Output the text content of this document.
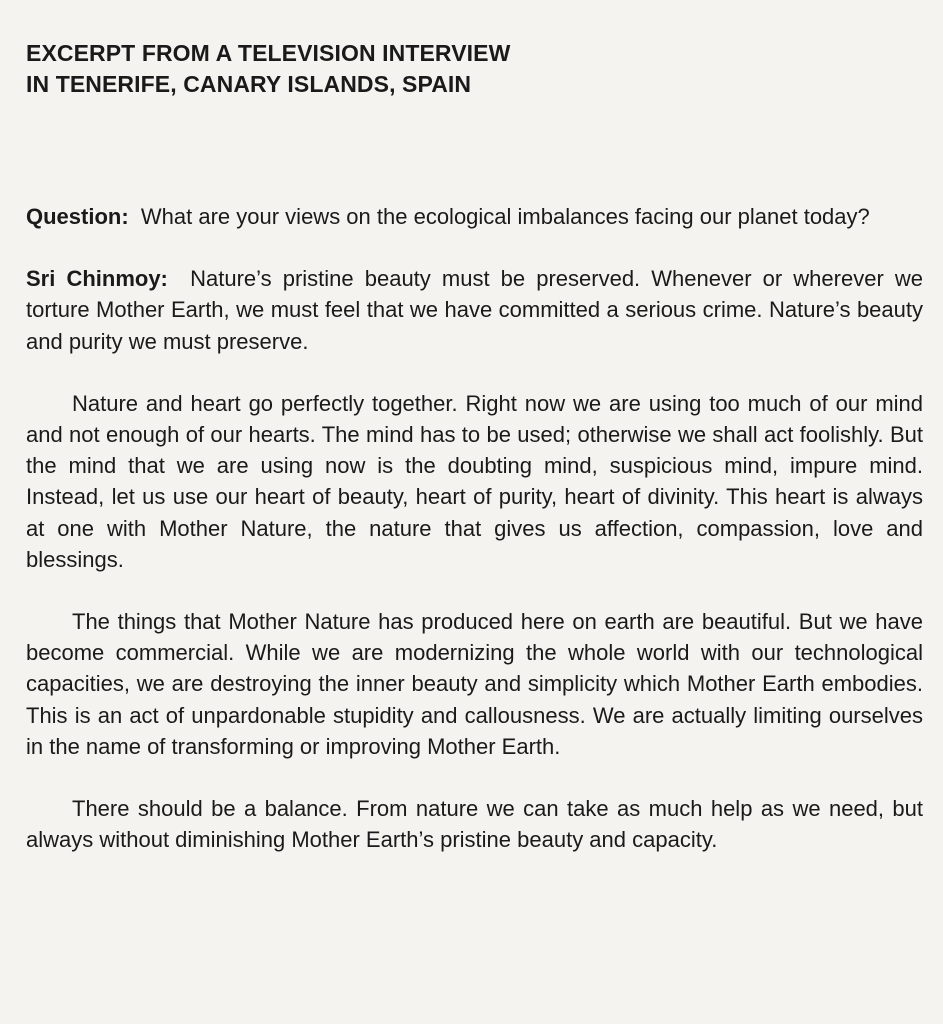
EXCERPT FROM A TELEVISION INTERVIEW
IN TENERIFE, CANARY ISLANDS, SPAIN

Question: What are your views on the ecological imbalances facing our planet today?

Sri Chinmoy: Nature’s pristine beauty must be preserved. Whenever or wherever we torture Mother Earth, we must feel that we have committed a serious crime. Nature’s beauty and purity we must preserve.

Nature and heart go perfectly together. Right now we are using too much of our mind and not enough of our hearts. The mind has to be used; otherwise we shall act foolishly. But the mind that we are using now is the doubting mind, suspicious mind, impure mind. Instead, let us use our heart of beauty, heart of purity, heart of divinity. This heart is always at one with Mother Nature, the nature that gives us affection, compassion, love and blessings.

The things that Mother Nature has produced here on earth are beautiful. But we have become commercial. While we are modernizing the whole world with our technological capacities, we are destroying the inner beauty and simplicity which Mother Earth embodies. This is an act of unpardonable stupidity and callousness. We are actually limiting ourselves in the name of transforming or improving Mother Earth.

There should be a balance. From nature we can take as much help as we need, but always without diminishing Mother Earth’s pristine beauty and capacity.
